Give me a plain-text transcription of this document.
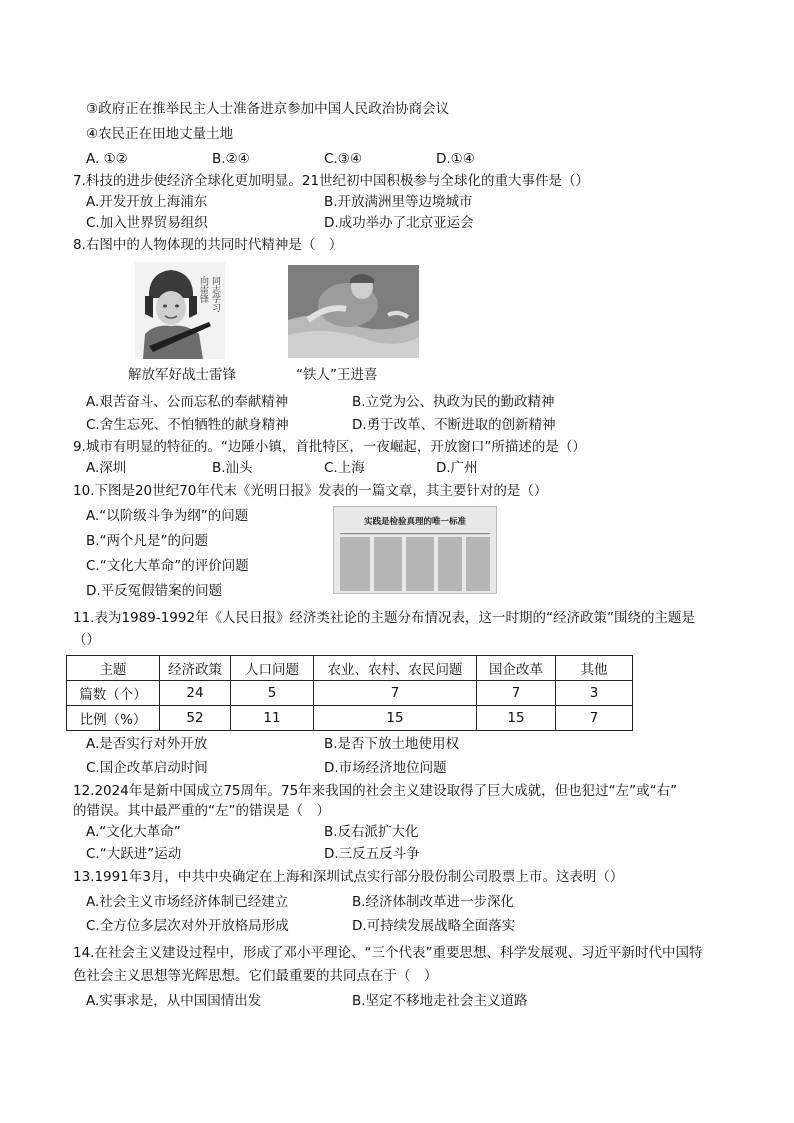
③政府正在推举民主人士准备进京参加中国人民政治协商会议
④农民正在田地丈量土地
A. ①②	B.②④	C.③④	D.①④
7.科技的进步使经济全球化更加明显。21世纪初中国积极参与全球化的重大事件是（）
A.开发开放上海浦东	B.开放满洲里等边境城市
C.加入世界贸易组织	D.成功举办了北京亚运会
8.右图中的人物体现的共同时代精神是（　）
向雷锋 同志学习
解放军好战士雷锋	“铁人”王进喜
A.艰苦奋斗、公而忘私的奉献精神	B.立党为公、执政为民的勤政精神
C.舍生忘死、不怕牺牲的献身精神	D.勇于改革、不断进取的创新精神
9.城市有明显的特征的。“边陲小镇，首批特区，一夜崛起，开放窗口”所描述的是（）
A.深圳	B.汕头	C.上海	D.广州
10.下图是20世纪70年代末《光明日报》发表的一篇文章，其主要针对的是（）
A.“以阶级斗争为纲”的问题
B.“两个凡是”的问题
C.“文化大革命”的评价问题
D.平反冤假错案的问题
实践是检验真理的唯一标准
11.表为1989-1992年《人民日报》经济类社论的主题分布情况表，这一时期的“经济政策”围绕的主题是
（）
主题	经济政策	人口问题	农业、农村、农民问题	国企改革	其他
篇数（个）	24	5	7	7	3
比例（%）	52	11	15	15	7
A.是否实行对外开放	B.是否下放土地使用权
C.国企改革启动时间	D.市场经济地位问题
12.2024年是新中国成立75周年。75年来我国的社会主义建设取得了巨大成就，但也犯过“左”或“右”
的错误。其中最严重的“左”的错误是（　）
A.“文化大革命”	B.反右派扩大化
C.“大跃进”运动	D.三反五反斗争
13.1991年3月，中共中央确定在上海和深圳试点实行部分股份制公司股票上市。这表明（）
A.社会主义市场经济体制已经建立	B.经济体制改革进一步深化
C.全方位多层次对外开放格局形成	D.可持续发展战略全面落实
14.在社会主义建设过程中，形成了邓小平理论、“三个代表”重要思想、科学发展观、习近平新时代中国特
色社会主义思想等光辉思想。它们最重要的共同点在于（　）
A.实事求是，从中国国情出发	B.坚定不移地走社会主义道路
